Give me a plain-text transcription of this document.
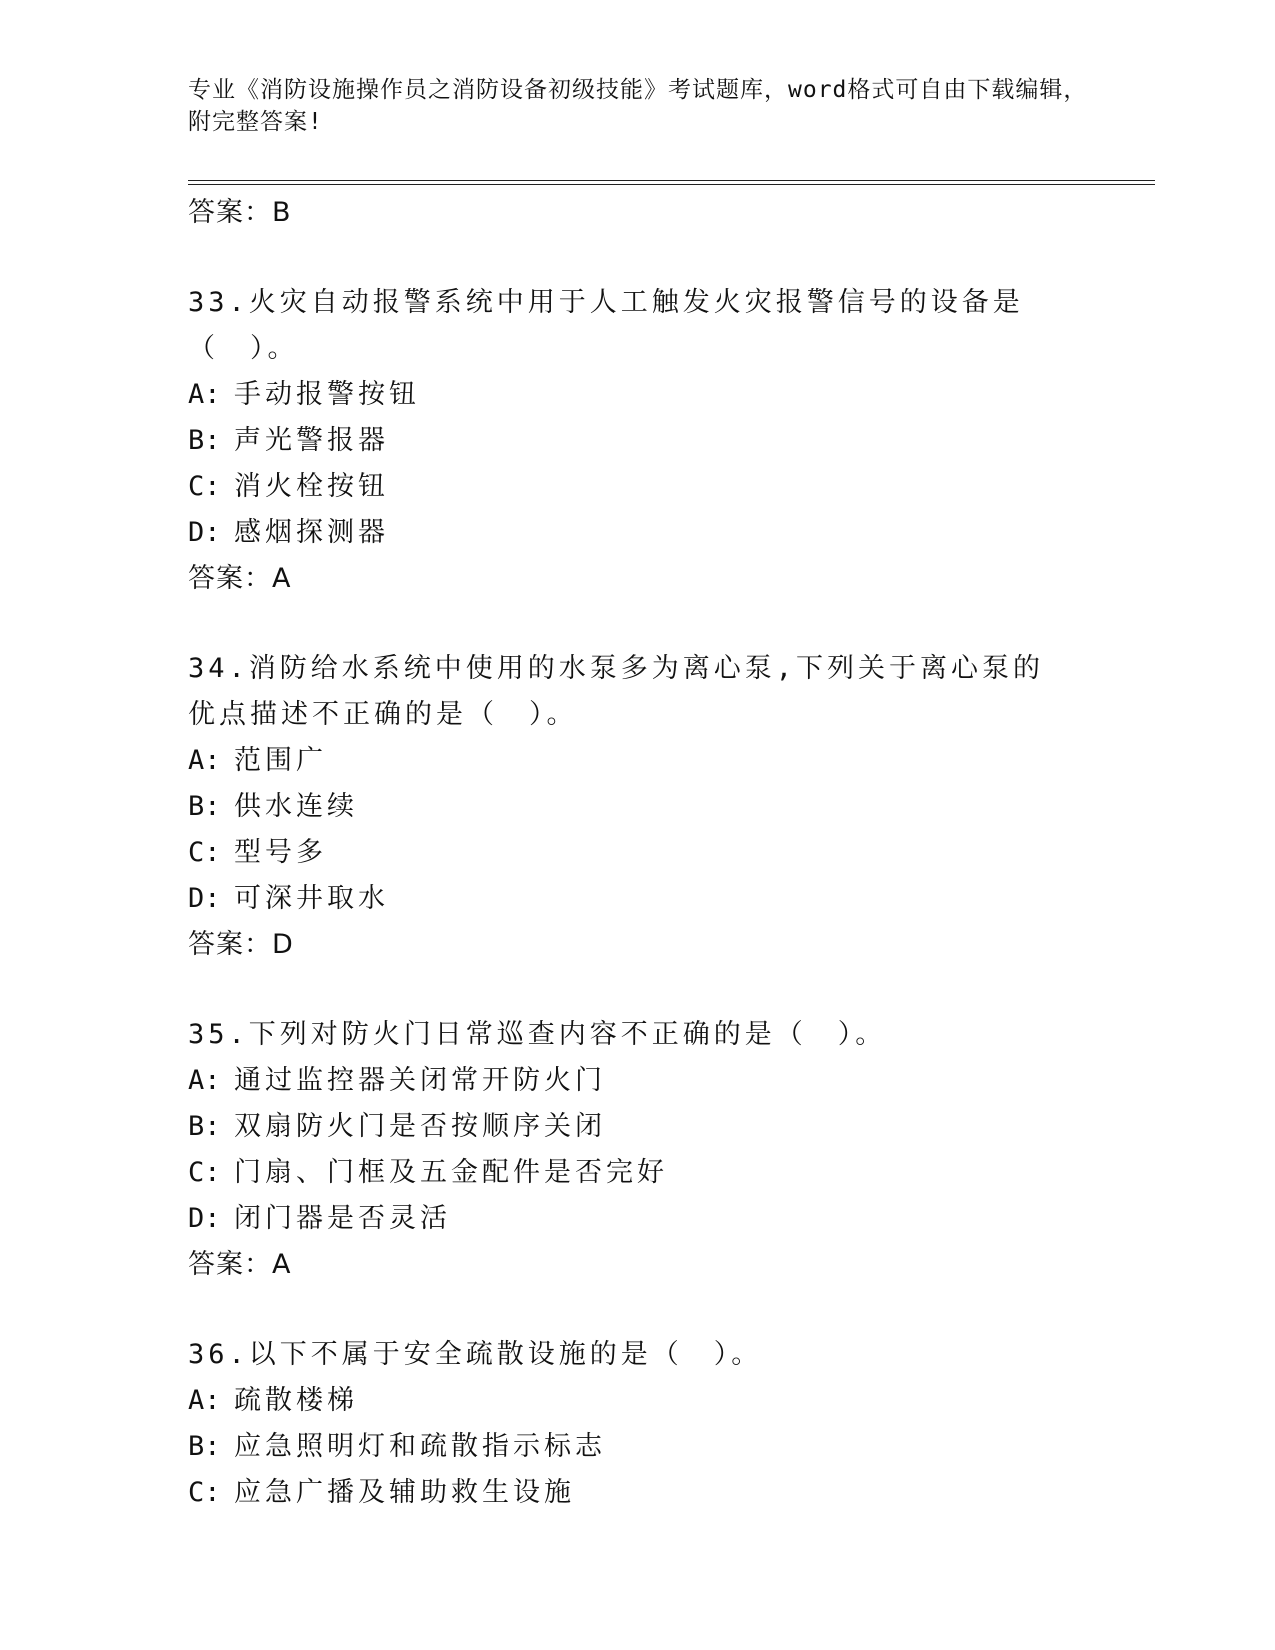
专业《消防设施操作员之消防设备初级技能》考试题库，word格式可自由下载编辑，附完整答案!
答案：B
33.火灾自动报警系统中用于人工触发火灾报警信号的设备是（　）。
A: 手动报警按钮
B: 声光警报器
C: 消火栓按钮
D: 感烟探测器
答案：A
34.消防给水系统中使用的水泵多为离心泵,下列关于离心泵的优点描述不正确的是（　）。
A: 范围广
B: 供水连续
C: 型号多
D: 可深井取水
答案：D
35.下列对防火门日常巡查内容不正确的是（　）。
A: 通过监控器关闭常开防火门
B: 双扇防火门是否按顺序关闭
C: 门扇、门框及五金配件是否完好
D: 闭门器是否灵活
答案：A
36.以下不属于安全疏散设施的是（　）。
A: 疏散楼梯
B: 应急照明灯和疏散指示标志
C: 应急广播及辅助救生设施
